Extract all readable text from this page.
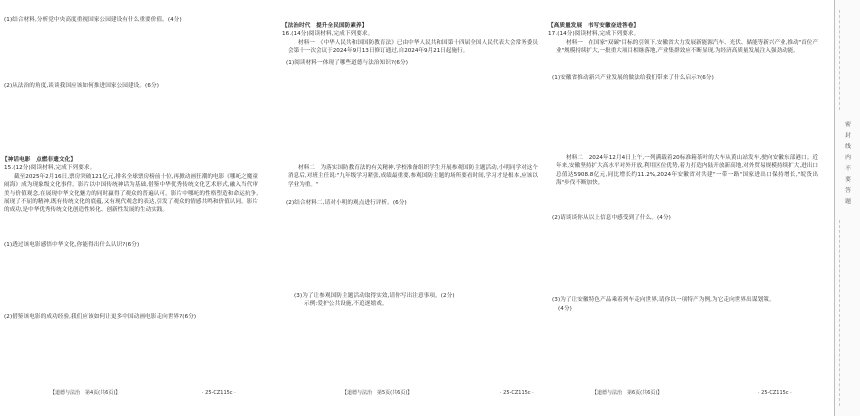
(1)结合材料,分析党中央高度重视国家公园建设有什么重要价值。(4分)
(2)从法治的角度,谈谈我国应该如何推进国家公园建设。(6分)
【神话电影　点燃非遗文化】
15.(12分)阅读材料,完成下列要求。
截至2025年2月16日,票房突破121亿元,排名全球票房榜前十位,再掀动画狂潮的电影《哪吒之魔童闹海》成为现象级文化事件。影片以中国传统神话为基础,借鉴中华优秀传统文化艺术形式,融入当代审美与价值观念,在展现中华文化魅力的同时赢得了观众的普遍认可。影片中哪吒的性格塑造和命运抗争,展现了不屈的精神,既有传统文化的底蕴,又有现代观念的表达,引发了观众的情感共鸣和价值认同。影片的成功,是中华优秀传统文化创造性转化、创新性发展的生动实践。
(1)透过该电影感悟中华文化,你能得出什么认识?(6分)
(2)借鉴该电影的成功经验,我们应该如何让更多中国动画电影走向世界?(6分)
【道德与法治　第4页(共6页)】	· 25-CZ115c ·
【法治时代　提升全民国防素养】
16.(14分)阅读材料,完成下列要求。
材料一　《中华人民共和国国防教育法》已由中华人民共和国第十四届全国人民代表大会常务委员会第十一次会议于2024年9月13日修订通过,自2024年9月21日起施行。
(1)阅读材料一体现了哪些道德与法治知识?(6分)
材料二　为落实国防教育法的有关精神,学校准备组织学生开展参观国防主题活动,小明同学对这个消息后,对班主任说:"九年级学习紧张,成绩最重要,参观国防主题的场所要看时间,学习才是根本,应该以学业为重。"
(2)结合材料二,请对小明的观点进行评析。(6分)
(3)为了让参观国防主题活动取得实效,请你写出注意事项。(2分)
示例:爱护公共设施,不追逐嬉戏。
【道德与法治　第5页(共6页)】	· 25-CZ115c ·
【高质量发展　书写安徽奋进答卷】
17.(14分)阅读材料,完成下列要求。
材料一　在国家"双碳"目标的引领下,安徽省大力发展新能源汽车、光伏、储能等新兴产业,推动"首位产业"规模持续扩大,一批重大项目相继落地,产业集群效应不断显现,为经济高质量发展注入强劲动能。
(1)安徽省推动新兴产业发展的做法给我们带来了什么启示?(6分)
材料二　2024年12月4日上午,一列满载着20标准箱茶叶的大车从黄山站发车,驶向安徽东部港口。近年来,安徽坚持扩大高水平对外开放,利用区位优势,着力打造内陆开放新高地,对外贸易规模持续扩大,进出口总值达5908.8亿元,同比增长约11.2%,2024年安徽省对共建"一带一路"国家进出口保持增长,"皖货出海"步伐不断加快。
(2)请谈谈你从以上信息中感受到了什么。(4分)
(3)为了让安徽特色产品乘着列车走向世界,请你以一项特产为例,为它走向世界出谋划策。
(4分)
【道德与法治　第6页(共6页)】	· 25-CZ115c ·
密
封
线
内
不
要
答
题
